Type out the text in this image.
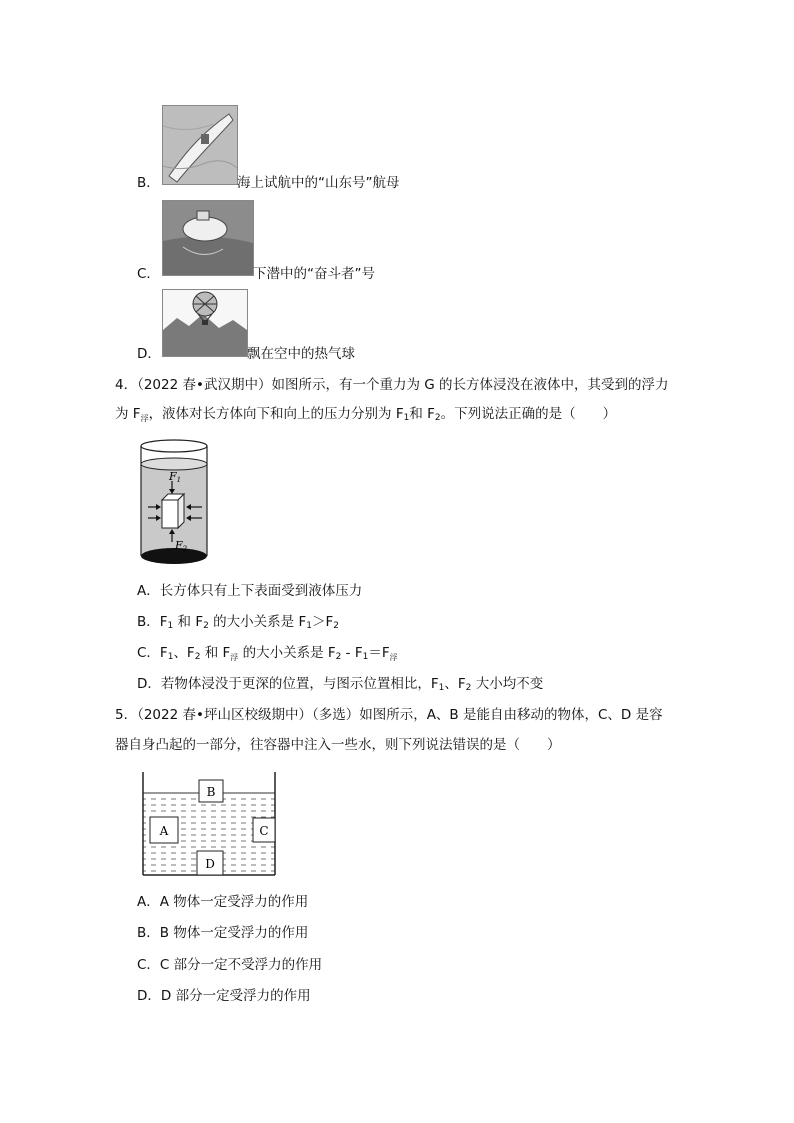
B．	海上试航中的“山东号”航母
C．	下潜中的“奋斗者”号
D．	飘在空中的热气球
4．（2022 春•武汉期中）如图所示，有一个重力为 G 的长方体浸没在液体中，其受到的浮力
为 $F_浮$，液体对长方体向下和向上的压力分别为 $F_1$和 $F_2$。下列说法正确的是（　　）
F1
F2
A．长方体只有上下表面受到液体压力
B．$F_1$ 和 $F_2$ 的大小关系是 $F_1>F_2$
C．$F_1$、$F_2$ 和 $F_浮$ 的大小关系是 $F_2 - F_1=F_浮$
D．若物体浸没于更深的位置，与图示位置相比，$F_1$、$F_2$ 大小均不变
5．（2022 春•坪山区校级期中）（多选）如图所示，A、B 是能自由移动的物体，C、D 是容
器自身凸起的一部分，往容器中注入一些水，则下列说法错误的是（　　）
B
A	C
D
A．A 物体一定受浮力的作用
B．B 物体一定受浮力的作用
C．C 部分一定不受浮力的作用
D．D 部分一定受浮力的作用
